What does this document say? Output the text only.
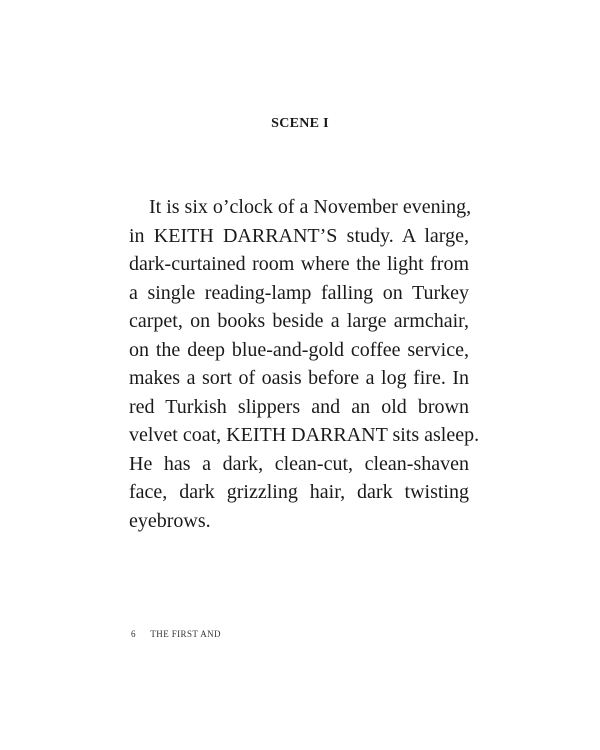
SCENE I
It is six o’clock of a November evening,
in KEITH DARRANT’S study. A large,
dark-curtained room where the light from
a single reading-lamp falling on Turkey
carpet, on books beside a large armchair,
on the deep blue-and-gold coffee service,
makes a sort of oasis before a log fire. In
red Turkish slippers and an old brown
velvet coat, KEITH DARRANT sits asleep.
He has a dark, clean-cut, clean-shaven
face, dark grizzling hair, dark twisting
eyebrows.
6 THE FIRST AND
